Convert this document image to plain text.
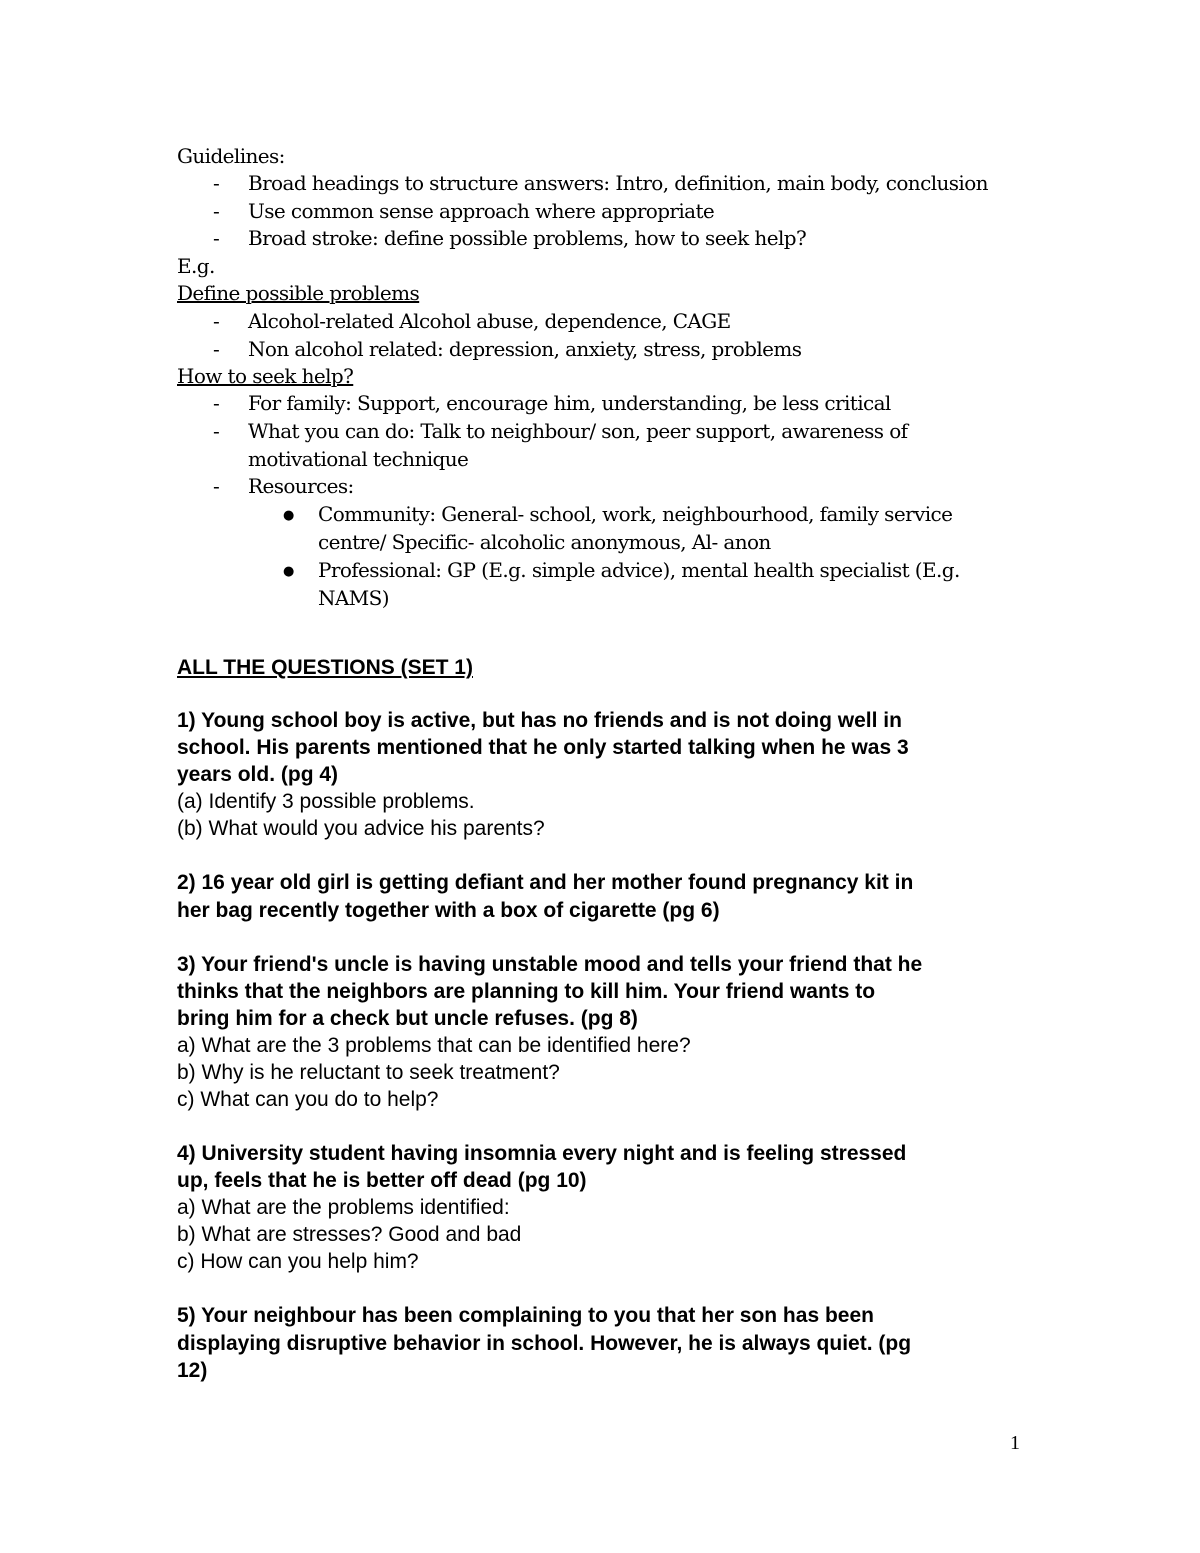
Guidelines:
- Broad headings to structure answers: Intro, definition, main body, conclusion
- Use common sense approach where appropriate
- Broad stroke: define possible problems, how to seek help?
E.g.
Define possible problems
- Alcohol-related Alcohol abuse, dependence, CAGE
- Non alcohol related: depression, anxiety, stress, problems
How to seek help?
- For family: Support, encourage him, understanding, be less critical
- What you can do: Talk to neighbour/ son, peer support, awareness of
motivational technique
- Resources:
● Community: General- school, work, neighbourhood, family service
centre/ Specific- alcoholic anonymous, Al- anon
● Professional: GP (E.g. simple advice), mental health specialist (E.g.
NAMS)
ALL THE QUESTIONS (SET 1)
1) Young school boy is active, but has no friends and is not doing well in
school. His parents mentioned that he only started talking when he was 3
years old. (pg 4)
(a) Identify 3 possible problems.
(b) What would you advice his parents?
2) 16 year old girl is getting defiant and her mother found pregnancy kit in
her bag recently together with a box of cigarette (pg 6)
3) Your friend's uncle is having unstable mood and tells your friend that he
thinks that the neighbors are planning to kill him. Your friend wants to
bring him for a check but uncle refuses. (pg 8)
a) What are the 3 problems that can be identified here?
b) Why is he reluctant to seek treatment?
c) What can you do to help?
4) University student having insomnia every night and is feeling stressed
up, feels that he is better off dead (pg 10)
a) What are the problems identified:
b) What are stresses? Good and bad
c) How can you help him?
5) Your neighbour has been complaining to you that her son has been
displaying disruptive behavior in school. However, he is always quiet. (pg
12)
1
